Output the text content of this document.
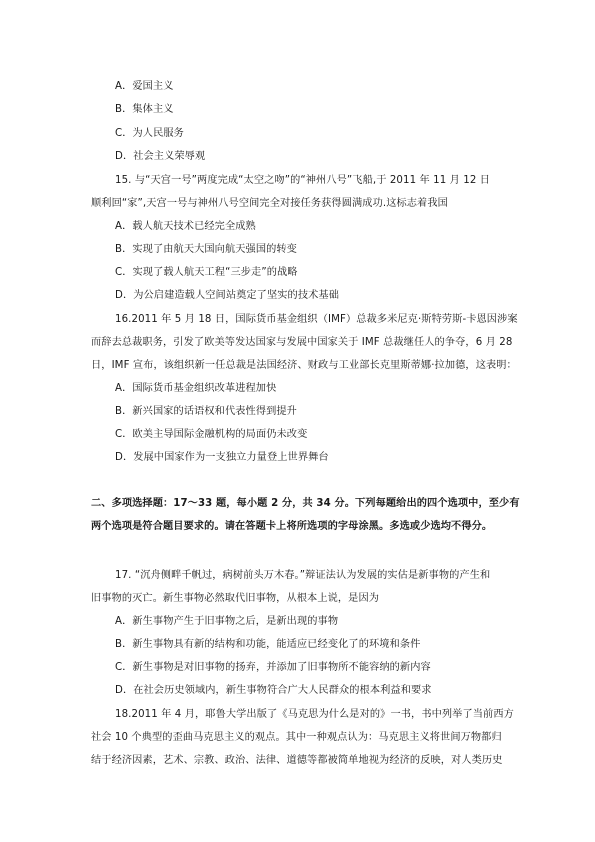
A．爱国主义
B．集体主义
C．为人民服务
D．社会主义荣辱观
15. 与“天宫一号”两度完成“太空之吻”的“神州八号”飞船,于 2011 年 11 月 12 日
顺利回“家”,天宫一号与神州八号空间完全对接任务获得圆满成功.这标志着我国
A．载人航天技术已经完全成熟
B．实现了由航天大国向航天强国的转变
C．实现了载人航天工程“三步走”的战略
D．为公启建造载人空间站奠定了坚实的技术基础
16.2011 年 5 月 18 日，国际货币基金组织（IMF）总裁多米尼克·斯特劳斯-卡恩因涉案
而辞去总裁职务，引发了欧美等发达国家与发展中国家关于 IMF 总裁继任人的争夺，6 月 28
日，IMF 宣布，该组织新一任总裁是法国经济、财政与工业部长克里斯蒂娜·拉加德，这表明：
A．国际货币基金组织改革进程加快
B．新兴国家的话语权和代表性得到提升
C．欧美主导国际金融机构的局面仍未改变
D．发展中国家作为一支独立力量登上世界舞台
二、多项选择题：17～33 题，每小题 2 分，共 34 分。下列每题给出的四个选项中，至少有
两个选项是符合题目要求的。请在答题卡上将所选项的字母涂黑。多选或少选均不得分。
17. “沉舟侧畔千帆过，病树前头万木春。”辩证法认为发展的实估是新事物的产生和
旧事物的灭亡。新生事物必然取代旧事物，从根本上说，是因为
A．新生事物产生于旧事物之后，是新出现的事物
B．新生事物具有新的结构和功能，能适应已经变化了的环境和条件
C．新生事物是对旧事物的扬弃，并添加了旧事物所不能容纳的新内容
D．在社会历史领域内，新生事物符合广大人民群众的根本利益和要求
18.2011 年 4 月，耶鲁大学出版了《马克思为什么是对的》一书，书中列举了当前西方
社会 10 个典型的歪曲马克思主义的观点。其中一种观点认为：马克思主义将世间万物都归
结于经济因素，艺术、宗教、政治、法律、道德等都被简单地视为经济的反映，对人类历史
